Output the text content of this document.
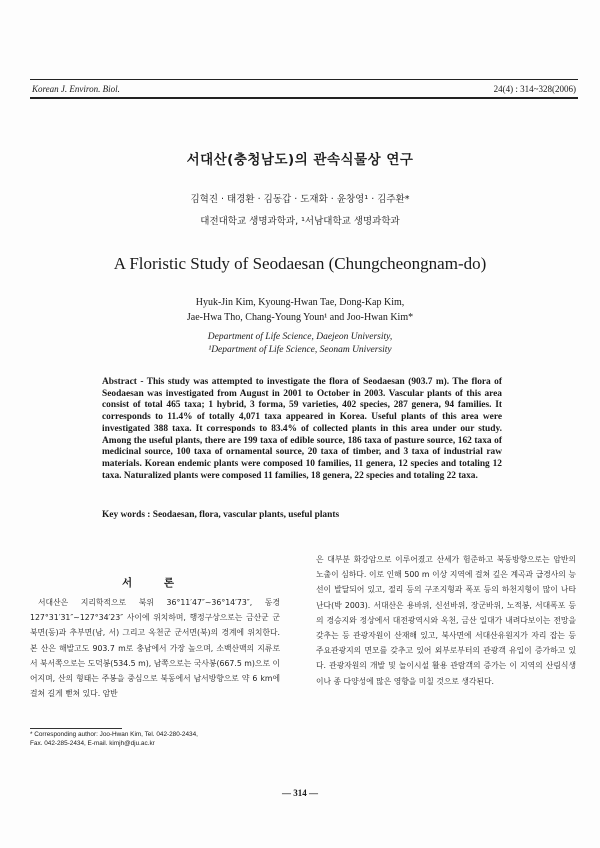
Korean J. Environ. Biol.	24(4) : 314~328(2006)
서대산(충청남도)의 관속식물상 연구
김혁진 · 태경환 · 김동갑 · 도재화 · 윤창영¹ · 김주환*
대전대학교 생명과학과, ¹서남대학교 생명과학과
A Floristic Study of Seodaesan (Chungcheongnam-do)
Hyuk-Jin Kim, Kyoung-Hwan Tae, Dong-Kap Kim,
Jae-Hwa Tho, Chang-Young Youn¹ and Joo-Hwan Kim*
Department of Life Science, Daejeon University,
¹Department of Life Science, Seonam University
Abstract - This study was attempted to investigate the flora of Seodaesan (903.7 m). The flora of Seodaesan was investigated from August in 2001 to October in 2003. Vascular plants of this area consist of total 465 taxa; 1 hybrid, 3 forma, 59 varieties, 402 species, 287 genera, 94 families. It corresponds to 11.4% of totally 4,071 taxa appeared in Korea. Useful plants of this area were investigated 388 taxa. It corresponds to 83.4% of collected plants in this area under our study. Among the useful plants, there are 199 taxa of edible source, 186 taxa of pasture source, 162 taxa of medicinal source, 100 taxa of ornamental source, 20 taxa of timber, and 3 taxa of industrial raw materials. Korean endemic plants were composed 10 families, 11 genera, 12 species and totaling 12 taxa. Naturalized plants were composed 11 families, 18 genera, 22 species and totaling 22 taxa.
Key words : Seodaesan, flora, vascular plants, useful plants
서 론
서대산은 지리학적으로 북위 36°11′47″~36°14′73″, 동경 127°31′31″~127°34′23″ 사이에 위치하며, 행정구상으로는 금산군 군북면(동)과 추부면(남, 서) 그리고 옥천군 군서면(북)의 경계에 위치한다. 본 산은 해발고도 903.7 m로 충남에서 가장 높으며, 소백산맥의 지류로서 북서쪽으로는 도덕봉(534.5 m), 남쪽으로는 국사봉(667.5 m)으로 이어지며, 산의 형태는 주봉을 중심으로 북동에서 남서방향으로 약 6 km에 걸쳐 길게 뻗쳐 있다. 암반
은 대부분 화강암으로 이루어졌고 산세가 험준하고 북동방향으로는 암반의 노출이 심하다. 이로 인해 500 m 이상 지역에 걸쳐 깊은 계곡과 급경사의 능선이 발달되어 있고, 절리 등의 구조지형과 폭포 등의 하천지형이 많이 나타난다(박 2003). 서대산은 용바위, 신선바위, 장군바위, 노적봉, 서대폭포 등의 경승지와 정상에서 대전광역시와 옥천, 금산 일대가 내려다보이는 전망을 갖추는 등 관광자원이 산재해 있고, 북사면에 서대산유원지가 자리 잡는 등 주요관광지의 면모를 갖추고 있어 외부로부터의 관광객 유입이 증가하고 있다. 관광자원의 개발 및 놀이시설 활용 관람객의 증가는 이 지역의 산림식생이나 종 다양성에 많은 영향을 미칠 것으로 생각된다.
* Corresponding author: Joo-Hwan Kim, Tel. 042-280-2434,
Fax. 042-285-2434, E-mail. kimjh@dju.ac.kr
— 314 —
